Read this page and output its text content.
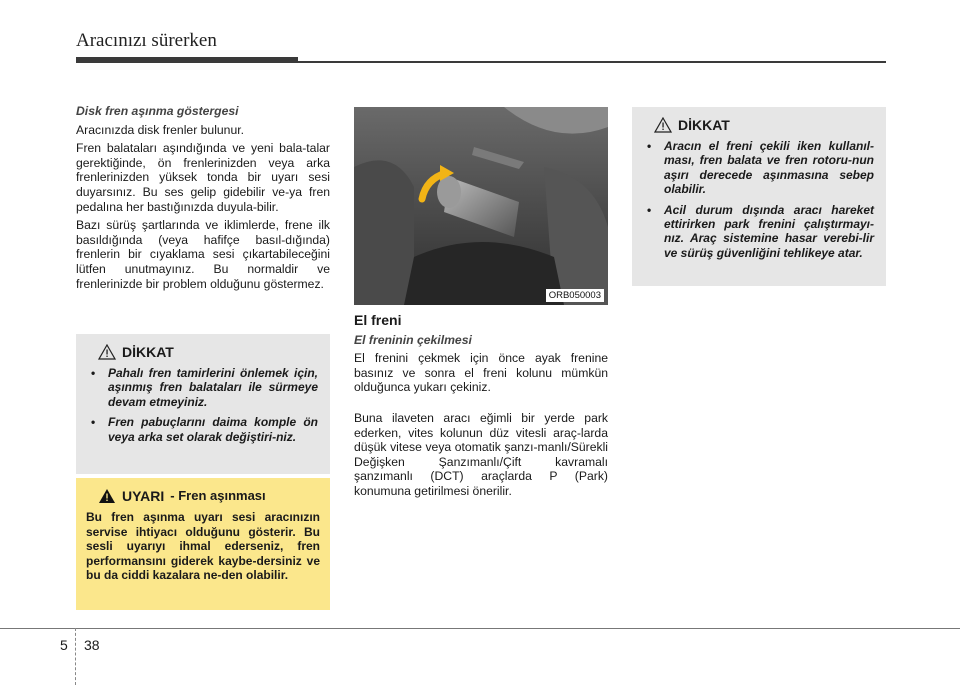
Aracınızı sürerken
Disk fren aşınma göstergesi

Aracınızda disk frenler bulunur.

Fren balataları aşındığında ve yeni bala-talar gerektiğinde, ön frenlerinizden veya arka frenlerinizden yüksek tonda bir uyarı sesi duyarsınız. Bu ses gelip gidebilir ve-ya fren pedalına her bastığınızda duyula-bilir.

Bazı sürüş şartlarında ve iklimlerde, frene ilk basıldığında (veya hafifçe basıl-dığında) frenlerin bir cıyaklama sesi çıkartabileceğini lütfen unutmayınız. Bu normaldir ve frenlerinizde bir problem olduğunu göstermez.

DİKKAT
• Pahalı fren tamirlerini önlemek için, aşınmış fren balataları ile sürmeye devam etmeyiniz.
• Fren pabuçlarını daima komple ön veya arka set olarak değiştiri-niz.
UYARI - Fren aşınması
Bu fren aşınma uyarı sesi aracınızın servise ihtiyacı olduğunu gösterir. Bu sesli uyarıyı ihmal ederseniz, fren performansını giderek kaybe-dersiniz ve bu da ciddi kazalara ne-den olabilir.
ORB050003
El freni
El freninin çekilmesi

El frenini çekmek için önce ayak frenine basınız ve sonra el freni kolunu mümkün olduğunca yukarı çekiniz.

Buna ilaveten aracı eğimli bir yerde park ederken, vites kolunun düz vitesli araç-larda düşük vitese veya otomatik şanzı-manlı/Sürekli Değişken Şanzımanlı/Çift kavramalı şanzımanlı (DCT) araçlarda P (Park) konumuna getirilmesi önerilir.

DİKKAT
• Aracın el freni çekili iken kullanıl-ması, fren balata ve fren rotoru-nun aşırı derecede aşınmasına sebep olabilir.
• Acil durum dışında aracı hareket ettirirken park frenini çalıştırmayı-nız. Araç sistemine hasar verebi-lir ve sürüş güvenliğini tehlikeye atar.
5 38
